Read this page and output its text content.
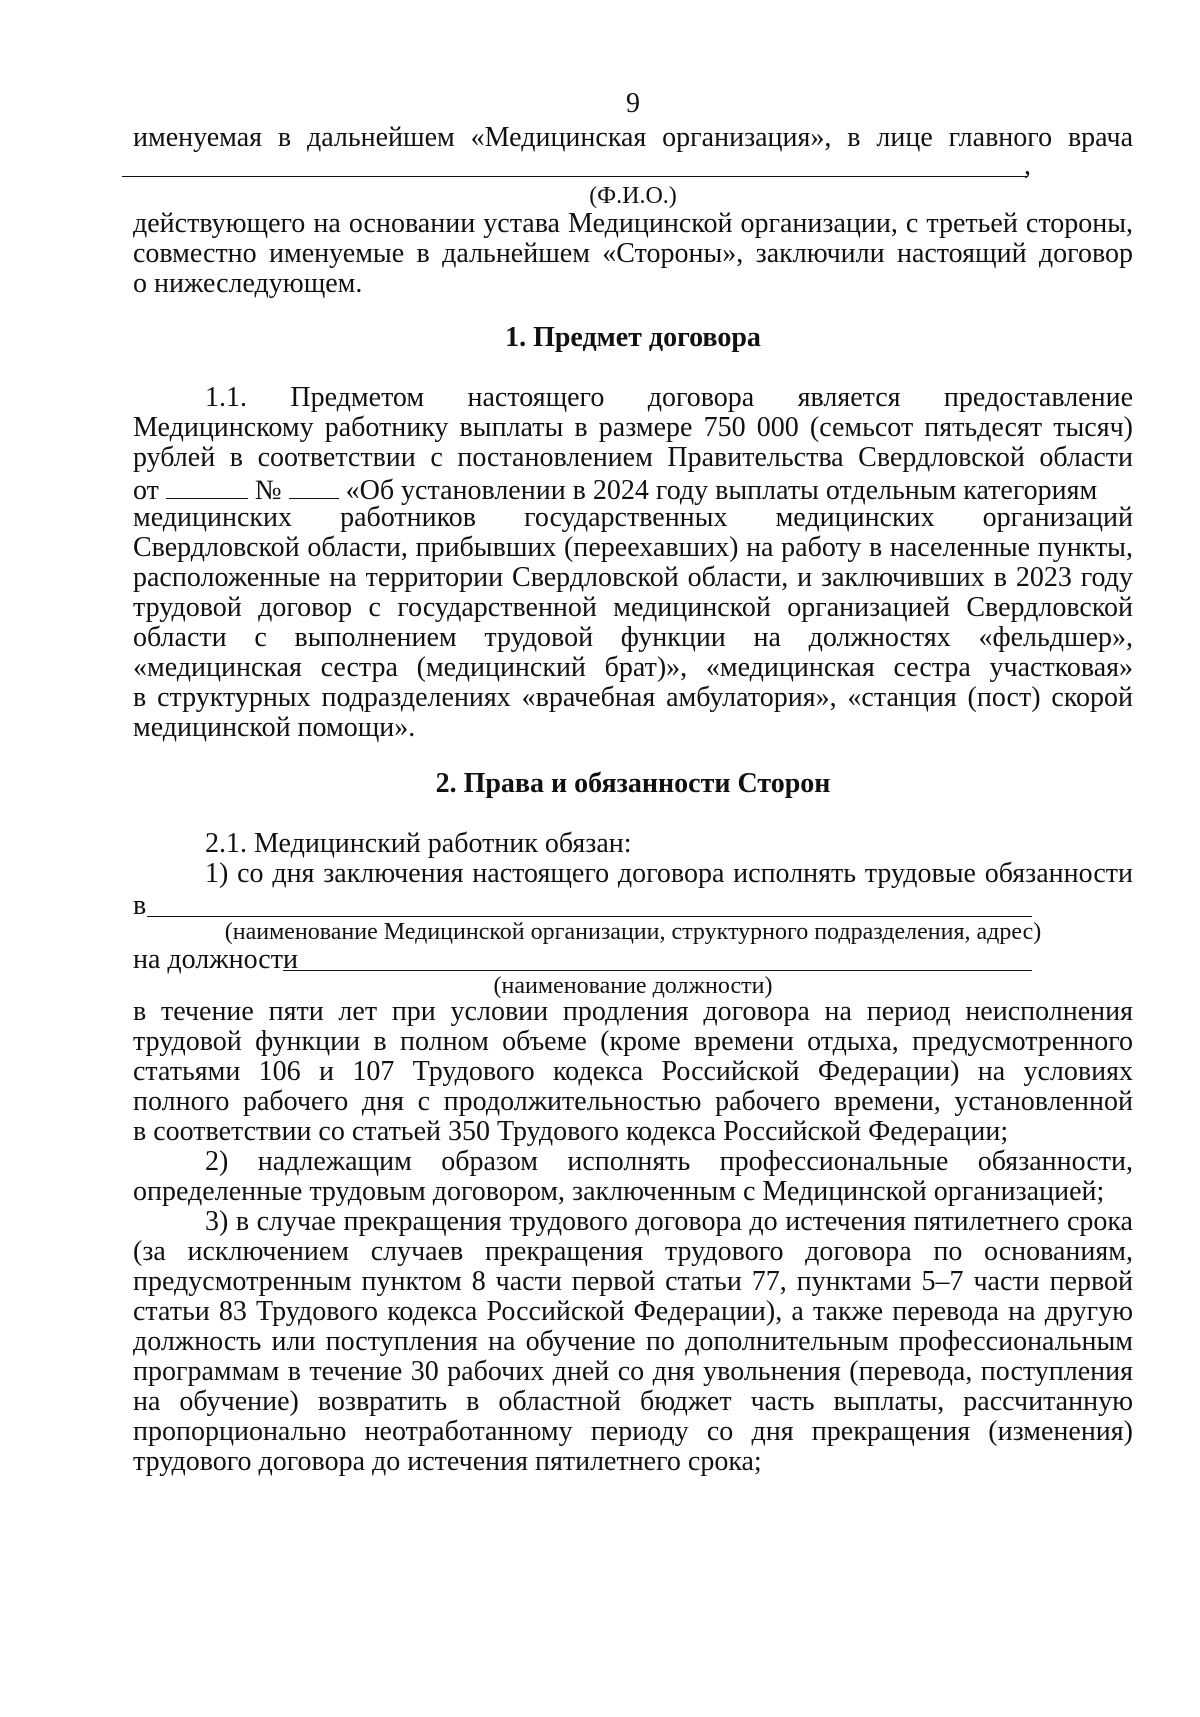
9
именуемая в дальнейшем «Медицинская организация», в лице главного врача
,
(Ф.И.О.)
действующего на основании устава Медицинской организации, с третьей стороны,
совместно именуемые в дальнейшем «Стороны», заключили настоящий договор
о нижеследующем.
1. Предмет договора
1.1. Предметом настоящего договора является предоставление
Медицинскому работнику выплаты в размере 750 000 (семьсот пятьдесят тысяч)
рублей в соответствии с постановлением Правительства Свердловской области
от	№ «Об установлении в 2024 году выплаты отдельным категориям
медицинских работников государственных медицинских организаций
Свердловской области, прибывших (переехавших) на работу в населенные пункты,
расположенные на территории Свердловской области, и заключивших в 2023 году
трудовой договор с государственной медицинской организацией Свердловской
области с выполнением трудовой функции на должностях «фельдшер»,
«медицинская сестра (медицинский брат)», «медицинская сестра участковая»
в структурных подразделениях «врачебная амбулатория», «станция (пост) скорой
медицинской помощи».
2. Права и обязанности Сторон
2.1. Медицинский работник обязан:
1) со дня заключения настоящего договора исполнять трудовые обязанности
в
(наименование Медицинской организации, структурного подразделения, адрес)
на должности
(наименование должности)
в течение пяти лет при условии продления договора на период неисполнения
трудовой функции в полном объеме (кроме времени отдыха, предусмотренного
статьями 106 и 107 Трудового кодекса Российской Федерации) на условиях
полного рабочего дня с продолжительностью рабочего времени, установленной
в соответствии со статьей 350 Трудового кодекса Российской Федерации;
2) надлежащим образом исполнять профессиональные обязанности,
определенные трудовым договором, заключенным с Медицинской организацией;
3) в случае прекращения трудового договора до истечения пятилетнего срока
(за исключением случаев прекращения трудового договора по основаниям,
предусмотренным пунктом 8 части первой статьи 77, пунктами 5–7 части первой
статьи 83 Трудового кодекса Российской Федерации), а также перевода на другую
должность или поступления на обучение по дополнительным профессиональным
программам в течение 30 рабочих дней со дня увольнения (перевода, поступления
на обучение) возвратить в областной бюджет часть выплаты, рассчитанную
пропорционально неотработанному периоду со дня прекращения (изменения)
трудового договора до истечения пятилетнего срока;
